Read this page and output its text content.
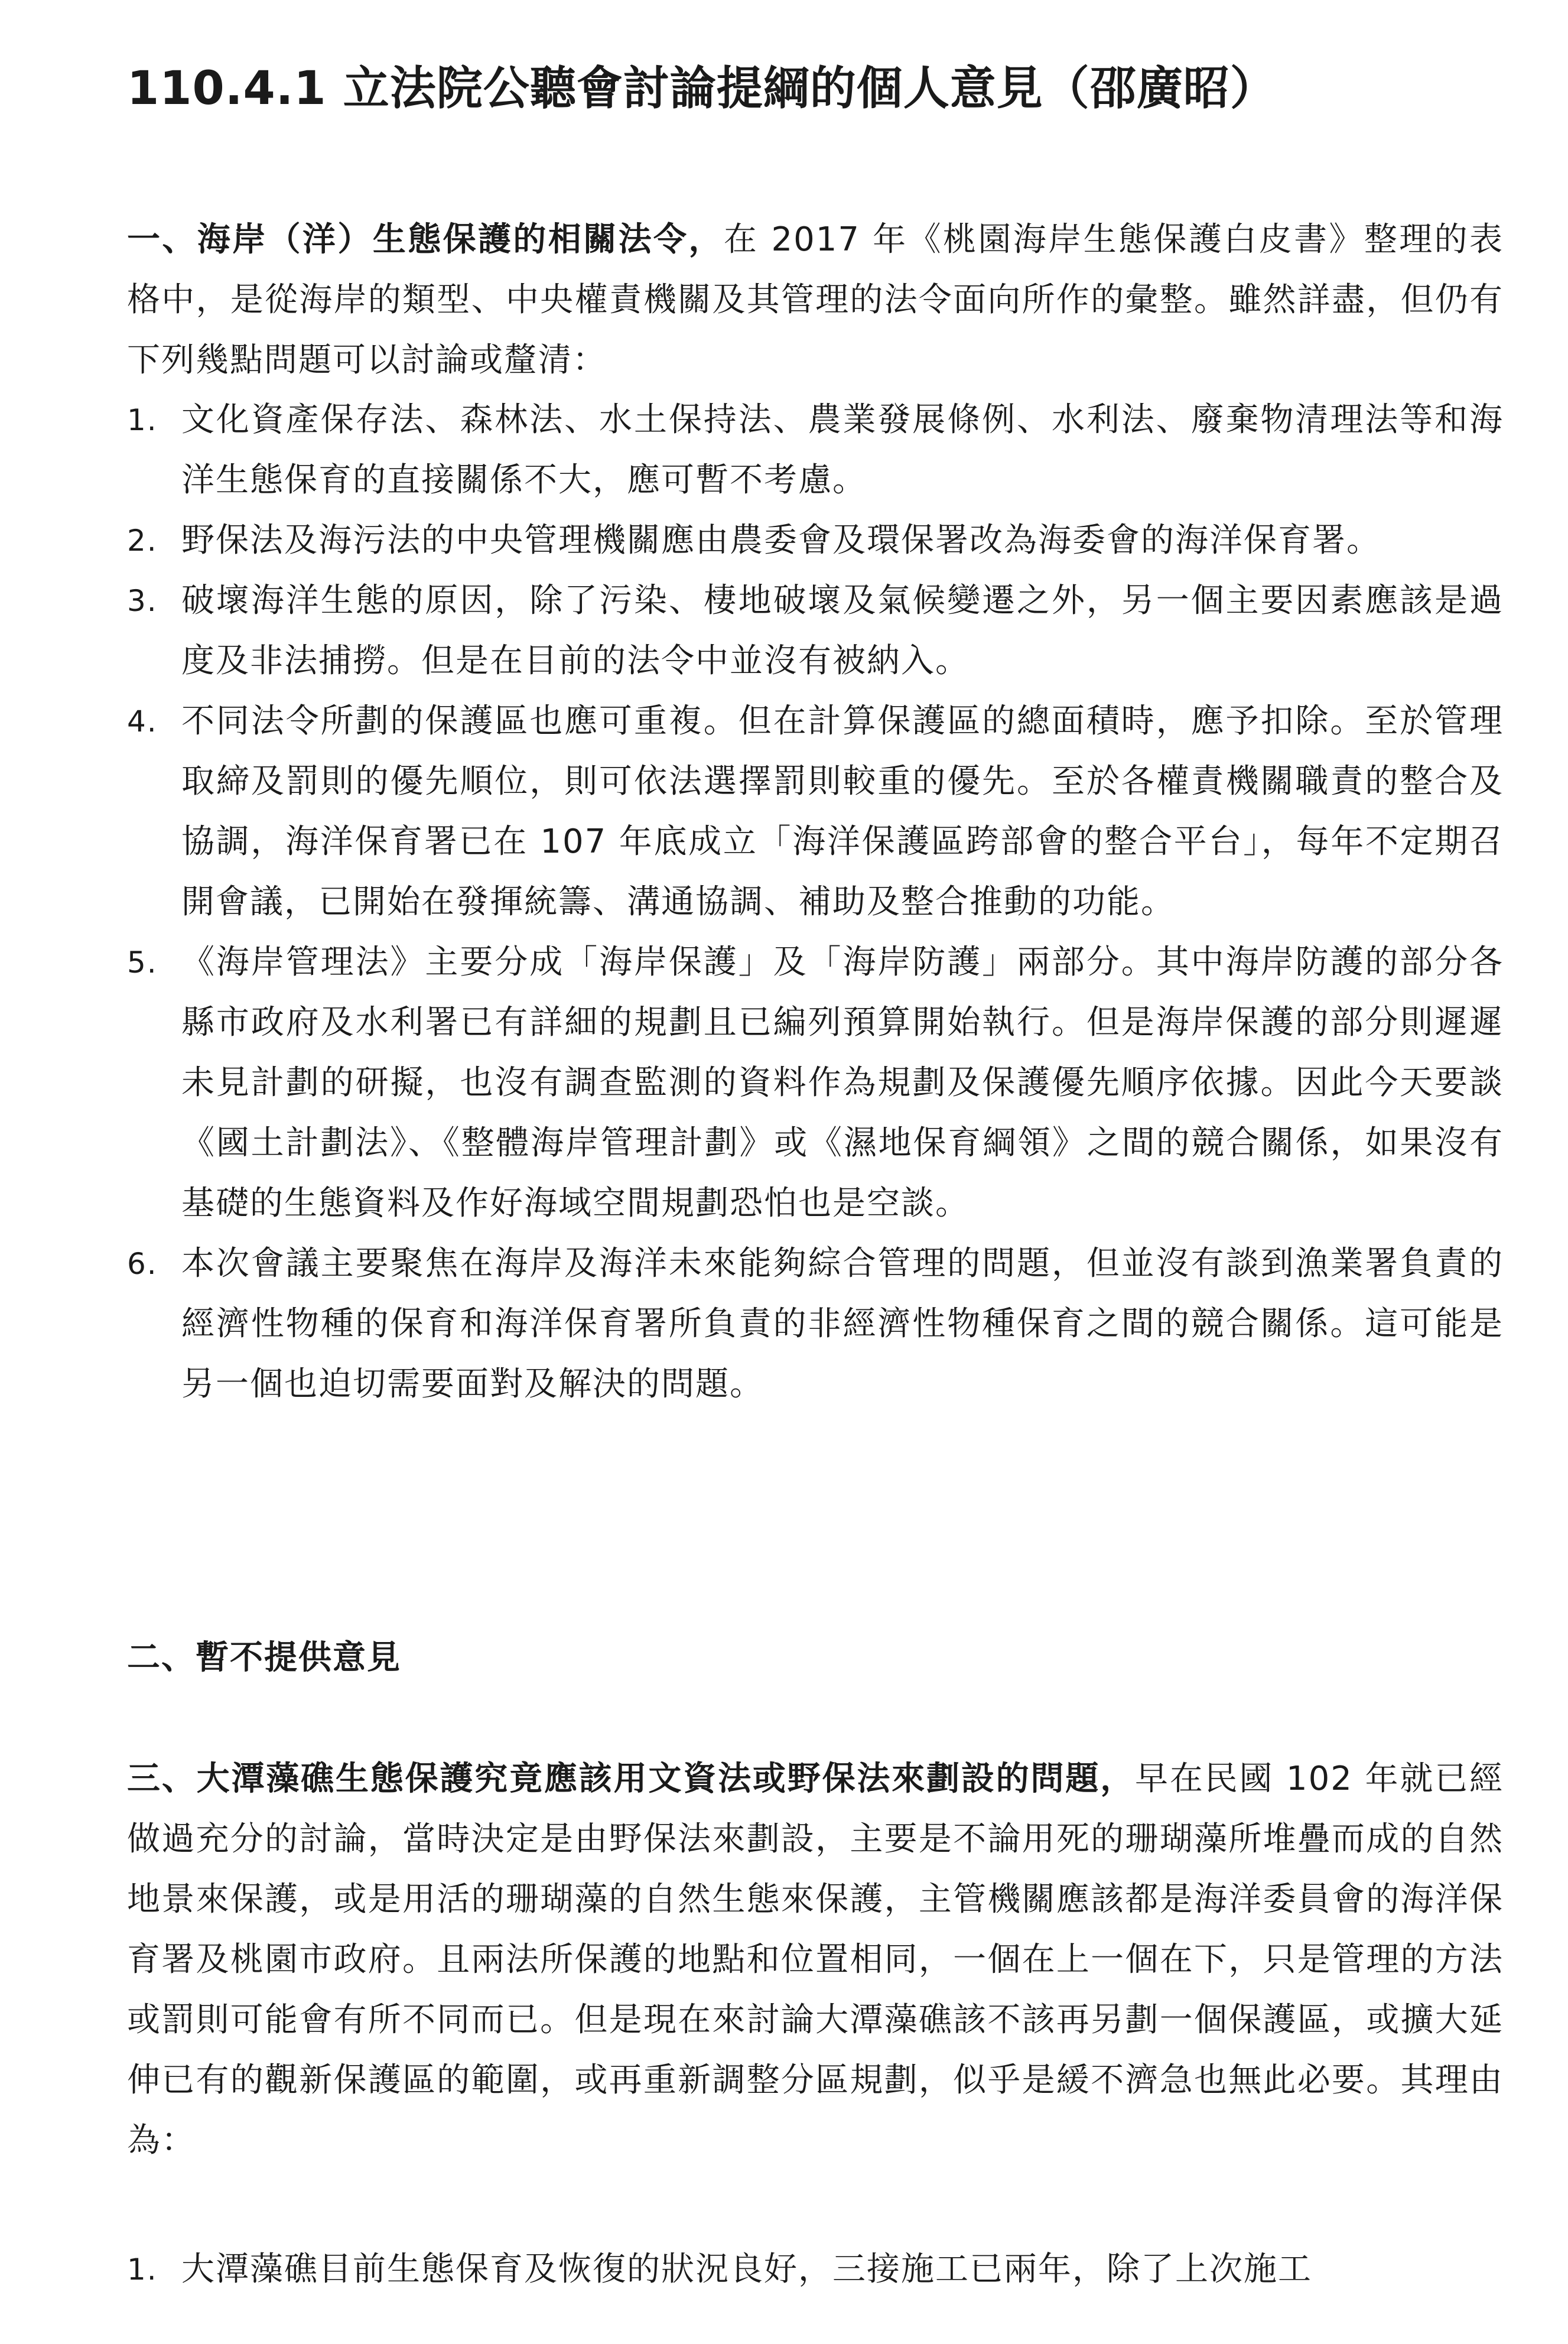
110.4.1 立法院公聽會討論提綱的個人意見（邵廣昭）
一、海岸（洋）生態保護的相關法令，在 2017 年《桃園海岸生態保護白皮書》整理的表格中，是從海岸的類型、中央權責機關及其管理的法令面向所作的彙整。雖然詳盡，但仍有下列幾點問題可以討論或釐清：
1. 文化資產保存法、森林法、水土保持法、農業發展條例、水利法、廢棄物清理法等和海洋生態保育的直接關係不大，應可暫不考慮。
2. 野保法及海污法的中央管理機關應由農委會及環保署改為海委會的海洋保育署。
3. 破壞海洋生態的原因，除了污染、棲地破壞及氣候變遷之外，另一個主要因素應該是過度及非法捕撈。但是在目前的法令中並沒有被納入。
4. 不同法令所劃的保護區也應可重複。但在計算保護區的總面積時，應予扣除。至於管理取締及罰則的優先順位，則可依法選擇罰則較重的優先。至於各權責機關職責的整合及協調，海洋保育署已在 107 年底成立「海洋保護區跨部會的整合平台」，每年不定期召開會議，已開始在發揮統籌、溝通協調、補助及整合推動的功能。
5. 《海岸管理法》主要分成「海岸保護」及「海岸防護」兩部分。其中海岸防護的部分各縣市政府及水利署已有詳細的規劃且已編列預算開始執行。但是海岸保護的部分則遲遲未見計劃的研擬，也沒有調查監測的資料作為規劃及保護優先順序依據。因此今天要談《國土計劃法》、《整體海岸管理計劃》或《濕地保育綱領》之間的競合關係，如果沒有基礎的生態資料及作好海域空間規劃恐怕也是空談。
6. 本次會議主要聚焦在海岸及海洋未來能夠綜合管理的問題，但並沒有談到漁業署負責的經濟性物種的保育和海洋保育署所負責的非經濟性物種保育之間的競合關係。這可能是另一個也迫切需要面對及解決的問題。
二、暫不提供意見
三、大潭藻礁生態保護究竟應該用文資法或野保法來劃設的問題，早在民國 102 年就已經做過充分的討論，當時決定是由野保法來劃設，主要是不論用死的珊瑚藻所堆疊而成的自然地景來保護，或是用活的珊瑚藻的自然生態來保護，主管機關應該都是海洋委員會的海洋保育署及桃園市政府。且兩法所保護的地點和位置相同，一個在上一個在下，只是管理的方法或罰則可能會有所不同而已。但是現在來討論大潭藻礁該不該再另劃一個保護區，或擴大延伸已有的觀新保護區的範圍，或再重新調整分區規劃，似乎是緩不濟急也無此必要。其理由為：
1. 大潭藻礁目前生態保育及恢復的狀況良好，三接施工已兩年，除了上次施工
